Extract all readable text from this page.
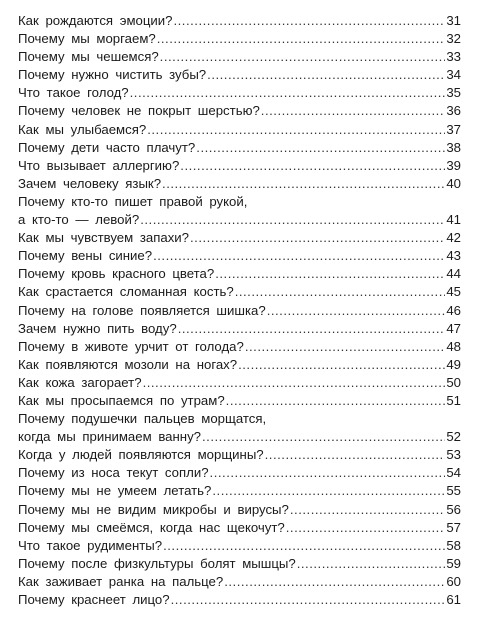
Как рождаются эмоции? .....	31
Почему мы моргаем? .....	32
Почему мы чешемся? .....	33
Почему нужно чистить зубы? .....	34
Что такое голод? .....	35
Почему человек не покрыт шерстью? .....	36
Как мы улыбаемся? .....	37
Почему дети часто плачут? .....	38
Что вызывает аллергию? .....	39
Зачем человеку язык? .....	40
Почему кто-то пишет правой рукой,
а кто-то — левой? .....	41
Как мы чувствуем запахи? .....	42
Почему вены синие? .....	43
Почему кровь красного цвета? .....	44
Как срастается сломанная кость? .....	45
Почему на голове появляется шишка? .....	46
Зачем нужно пить воду? .....	47
Почему в животе урчит от голода? .....	48
Как появляются мозоли на ногах? .....	49
Как кожа загорает? .....	50
Как мы просыпаемся по утрам? .....	51
Почему подушечки пальцев морщатся,
когда мы принимаем ванну? .....	52
Когда у людей появляются морщины? .....	53
Почему из носа текут сопли? .....	54
Почему мы не умеем летать? .....	55
Почему мы не видим микробы и вирусы? .....	56
Почему мы смеёмся, когда нас щекочут? .....	57
Что такое рудименты? .....	58
Почему после физкультуры болят мышцы? .....	59
Как заживает ранка на пальце? .....	60
Почему краснеет лицо? .....	61
